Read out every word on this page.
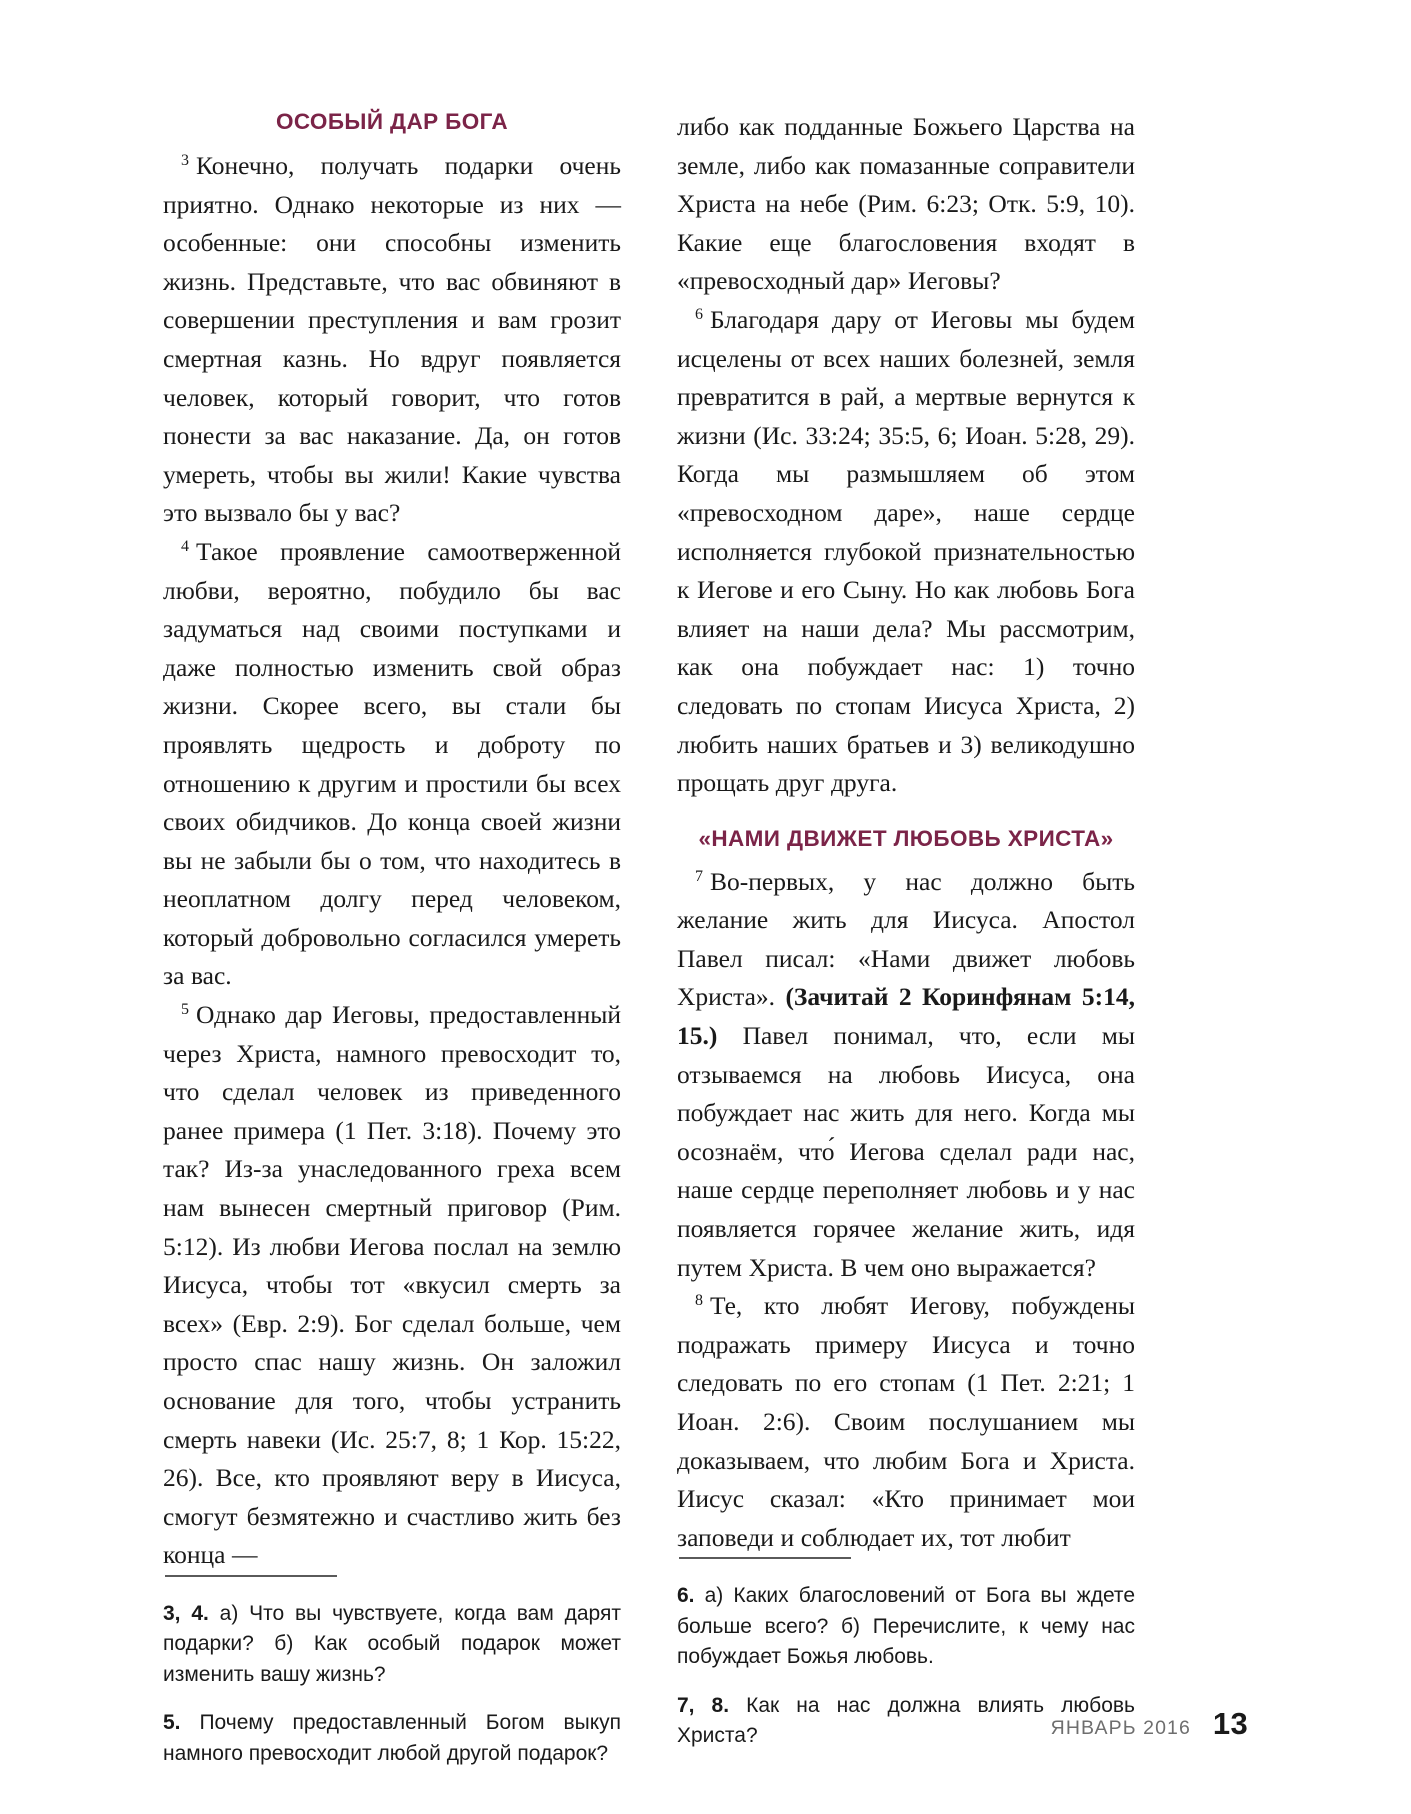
ОСОБЫЙ ДАР БОГА

$^3$ Конечно, получать подарки очень приятно. Однако некоторые из них — особенные: они способны изменить жизнь. Представьте, что вас обвиняют в совершении преступления и вам грозит смертная казнь. Но вдруг появляется человек, который говорит, что готов понести за вас наказание. Да, он готов умереть, чтобы вы жили! Какие чувства это вызвало бы у вас?

$^4$ Такое проявление самоотверженной любви, вероятно, побудило бы вас задуматься над своими поступками и даже полностью изменить свой образ жизни. Скорее всего, вы стали бы проявлять щедрость и доброту по отношению к другим и простили бы всех своих обидчиков. До конца своей жизни вы не забыли бы о том, что находитесь в неоплатном долгу перед человеком, который добровольно согласился умереть за вас.

$^5$ Однако дар Иеговы, предоставленный через Христа, намного превосходит то, что сделал человек из приведенного ранее примера (1 Пет. 3:18). Почему это так? Из-за унаследованного греха всем нам вынесен смертный приговор (Рим. 5:12). Из любви Иегова послал на землю Иисуса, чтобы тот «вкусил смерть за всех» (Евр. 2:9). Бог сделал больше, чем просто спас нашу жизнь. Он заложил основание для того, чтобы устранить смерть навеки (Ис. 25:7, 8; 1 Кор. 15:22, 26). Все, кто проявляют веру в Иисуса, смогут безмятежно и счастливо жить без конца —

3, 4. а) Что вы чувствуете, когда вам дарят подарки? б) Как особый подарок может изменить вашу жизнь?

5. Почему предоставленный Богом выкуп намного превосходит любой другой подарок?

либо как подданные Божьего Царства на земле, либо как помазанные соправители Христа на небе (Рим. 6:23; Отк. 5:9, 10). Какие еще благословения входят в «превосходный дар» Иеговы?

$^6$ Благодаря дару от Иеговы мы будем исцелены от всех наших болезней, земля превратится в рай, а мертвые вернутся к жизни (Ис. 33:24; 35:5, 6; Иоан. 5:28, 29). Когда мы размышляем об этом «превосходном даре», наше сердце исполняется глубокой признательностью к Иегове и его Сыну. Но как любовь Бога влияет на наши дела? Мы рассмотрим, как она побуждает нас: 1) точно следовать по стопам Иисуса Христа, 2) любить наших братьев и 3) великодушно прощать друг друга.

«НАМИ ДВИЖЕТ ЛЮБОВЬ ХРИСТА»

$^7$ Во-первых, у нас должно быть желание жить для Иисуса. Апостол Павел писал: «Нами движет любовь Христа». (Зачитай 2 Коринфянам 5:14, 15.) Павел понимал, что, если мы отзываемся на любовь Иисуса, она побуждает нас жить для него. Когда мы осознаём, что́ Иегова сделал ради нас, наше сердце переполняет любовь и у нас появляется горячее желание жить, идя путем Христа. В чем оно выражается?

$^8$ Те, кто любят Иегову, побуждены подражать примеру Иисуса и точно следовать по его стопам (1 Пет. 2:21; 1 Иоан. 2:6). Своим послушанием мы доказываем, что любим Бога и Христа. Иисус сказал: «Кто принимает мои заповеди и соблюдает их, тот любит

6. а) Каких благословений от Бога вы ждете больше всего? б) Перечислите, к чему нас побуждает Божья любовь.

7, 8. Как на нас должна влиять любовь Христа?	ЯНВАРЬ 2016 13
